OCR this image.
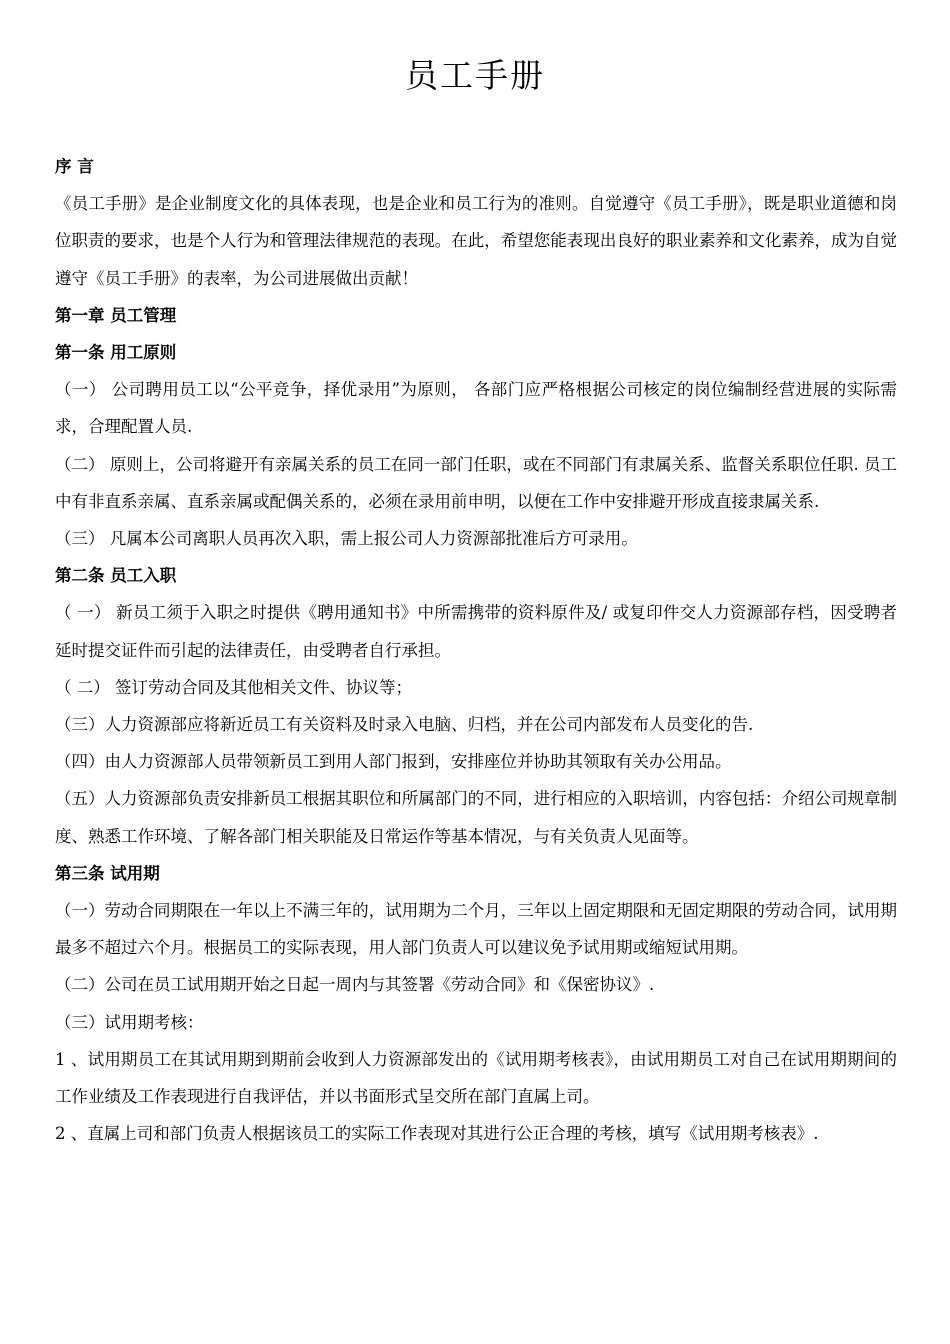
员工手册

序 言

《员工手册》是企业制度文化的具体表现，也是企业和员工行为的准则。自觉遵守《员工手册》，既是职业道德和岗位职责的要求，也是个人行为和管理法律规范的表现。在此，希望您能表现出良好的职业素养和文化素养，成为自觉遵守《员工手册》的表率，为公司进展做出贡献！

第一章 员工管理

第一条 用工原则

（一） 公司聘用员工以“公平竞争，择优录用”为原则， 各部门应严格根据公司核定的岗位编制经营进展的实际需求，合理配置人员.

（二） 原则上，公司将避开有亲属关系的员工在同一部门任职，或在不同部门有隶属关系、监督关系职位任职. 员工中有非直系亲属、直系亲属或配偶关系的，必须在录用前申明，以便在工作中安排避开形成直接隶属关系.

（三） 凡属本公司离职人员再次入职，需上报公司人力资源部批准后方可录用。

第二条 员工入职

（ 一） 新员工须于入职之时提供《聘用通知书》中所需携带的资料原件及/ 或复印件交人力资源部存档，因受聘者延时提交证件而引起的法律责任，由受聘者自行承担。

（ 二） 签订劳动合同及其他相关文件、协议等；

（三）人力资源部应将新近员工有关资料及时录入电脑、归档，并在公司内部发布人员变化的告.

（四）由人力资源部人员带领新员工到用人部门报到，安排座位并协助其领取有关办公用品。

（五）人力资源部负责安排新员工根据其职位和所属部门的不同，进行相应的入职培训，内容包括：介绍公司规章制度、熟悉工作环境、了解各部门相关职能及日常运作等基本情况，与有关负责人见面等。

第三条 试用期

（一）劳动合同期限在一年以上不满三年的，试用期为二个月，三年以上固定期限和无固定期限的劳动合同，试用期最多不超过六个月。根据员工的实际表现，用人部门负责人可以建议免予试用期或缩短试用期。

（二）公司在员工试用期开始之日起一周内与其签署《劳动合同》和《保密协议》.

（三）试用期考核：

1 、试用期员工在其试用期到期前会收到人力资源部发出的《试用期考核表》，由试用期员工对自己在试用期期间的工作业绩及工作表现进行自我评估，并以书面形式呈交所在部门直属上司。

2 、直属上司和部门负责人根据该员工的实际工作表现对其进行公正合理的考核，填写《试用期考核表》.
